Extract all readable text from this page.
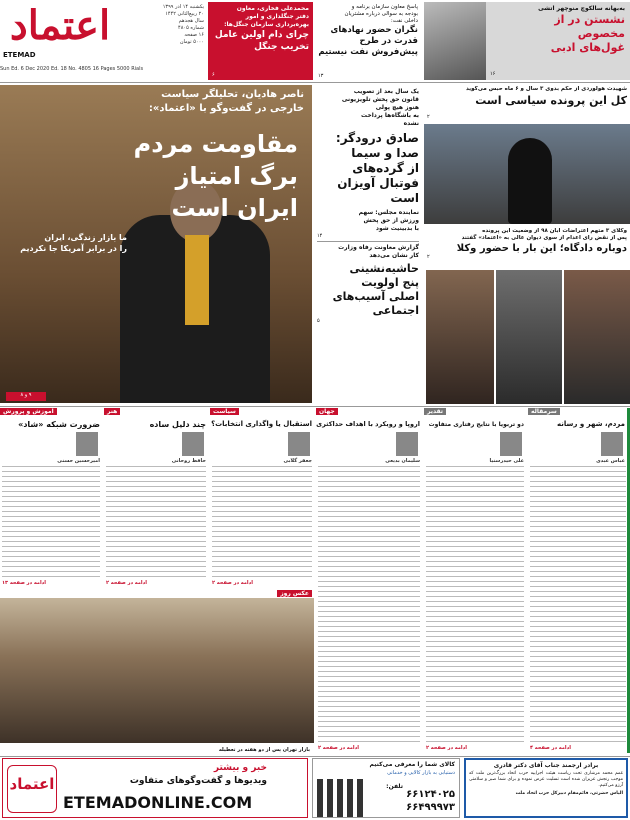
اعتماد
ETEMAD
یکشنبه ۱۴ آذر ۱۳۹۹
۲۰ ربیع‌الثانی ۱۴۴۲
سال هجدهم
شماره ۴۸۰۵
۱۶ صفحه
۵۰۰۰ تومان
Sun Ed. 6 Dec 2020 Ed. 18 No. 4805 16 Pages 5000 Rials
محمدعلی فخاری، معاون
دفتر جنگلداری و امور
بهره‌برداری سازمان جنگل‌ها:
چرای دام اولین عامل
تخریب جنگل
۶
پاسخ معاون سازمان برنامه و
بودجه به سوالی درباره مشتریان
داخلی نفت:
نگران حضور نهادهای
قدرت در طرح
پیش‌فروش نفت نیستیم
۱۳
به‌بهانه سالکوچ منوچهر آتشی
نشستن در از
مخصوص
غول‌های ادبی
۱۶
ناصر هادیان، تحلیلگر سیاست
خارجی در گفت‌وگو با «اعتماد»:
مقاومت مردم
برگ امتیاز
ایران است
ما بازار زندگی، ایران
را در برابر آمریکا جا نکردیم
۹ و ۸
یک سال بعد از تصویب
قانون حق پخش تلویزیونی
هنوز هیچ پولی
به باشگاه‌ها پرداخت
نشده
صادق درودگر:
صدا و سیما
از گرده‌های
فوتبال آویزان
است
نماینده مجلس: سهم
ورزش از حق پخش
با بدبینیت شود
۱۴
گزارش معاونت رفاه وزارت
کار نشان می‌دهد
حاشیه‌نشینی
پنج اولویت
اصلی آسیب‌های
اجتماعی
۵
شهیدت هولوردی از حکم بدوی ۳ سال و ۶ ماه حبس می‌گوید
کل این پرونده سیاسی است
۲
وکلای ۳ متهم اعتراضات آبان ۹۸ از وضعیت این پرونده
پس از نقض رای اعدام از سوی دیوان عالی به «اعتماد» گفتند
دوباره دادگاه؛ این بار با حضور وکلا
۲
آموزش و پرورش
ضرورت شبکه «شاد»
امیرحسین حسنی
ادامه در صفحه ۱۳
هنر
چند دلیل ساده
حافظ روحانی
ادامه در صفحه ۲
سیاست
استقبال یا واگذاری انتخابات؟
جعفر گلابی
ادامه در صفحه ۲
جهان
اروپا و روبکرد با اهداف حداکثری
سلیمان بدیعی
ادامه در صفحه ۲
تقدیر
دو تربویا با نتایج رفتاری متفاوت
علی حیدرسنیا
ادامه در صفحه ۲
سرمقاله
مردم، شهر و رسانه
عباس عبدی
ادامه در صفحه ۴
عکس روز
بازار تهران پس از دو هفته در تعطیله
اعتماد
خبر و بیشتر
ویدیوها و گفت‌وگوهای متفاوت
ETEMADONLINE.COM
کالای شما را معرفی می‌کنیم
دستیابی به بازار کالایی و خدماتی
تلفن:
۶۶۱۲۴۰۲۵
۶۶۴۹۹۹۷۳
برادر ارجمند جناب آقای دکتر قادری
غمم محمد مرشاری تحت ریاست هیئت اجراییه حزب اتحاد بزرگ‌ترین ملت که موجب رنجش عزیزان شده است تسلیت عرض نموده و برای شما صبر و سلامتی آرزو می‌کنیم.
الیاس حضرتی، قائم‌مقام دبیرکل حزب اتحاد ملت
